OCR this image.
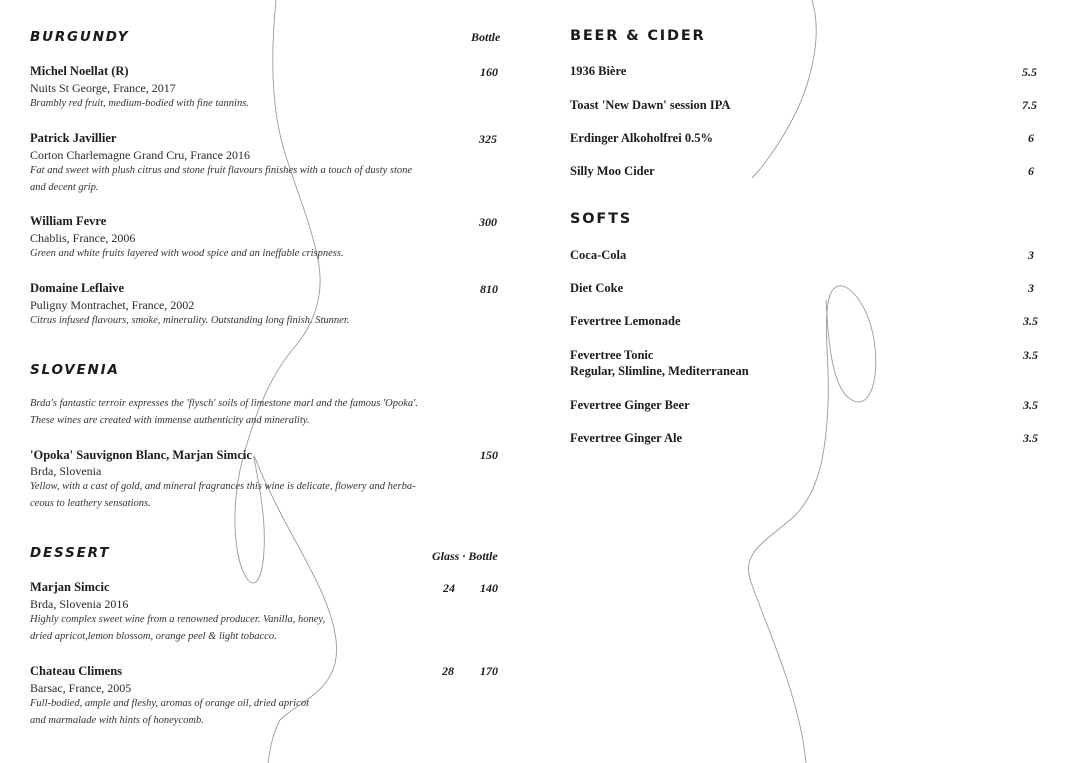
BURGUNDY	Bottle
Michel Noellat (R)
Nuits St George, France, 2017
Brambly red fruit, medium-bodied with fine tannins.
160
Patrick Javillier
Corton Charlemagne Grand Cru, France 2016
Fat and sweet with plush citrus and stone fruit flavours finishes with a touch of dusty stone
and decent grip.
325
William Fevre
Chablis, France, 2006
Green and white fruits layered with wood spice and an ineffable crispness.
300
Domaine Leflaive
Puligny Montrachet, France, 2002
Citrus infused flavours, smoke, minerality. Outstanding long finish. Stunner.
810
SLOVENIA
Brda's fantastic terroir expresses the 'flysch' soils of limestone marl and the famous 'Opoka'.
These wines are created with immense authenticity and minerality.
'Opoka' Sauvignon Blanc, Marjan Simcic
Brda, Slovenia
Yellow, with a cast of gold, and mineral fragrances this wine is delicate, flowery and herba-
ceous to leathery sensations.
150
DESSERT	Glass · Bottle
Marjan Simcic
Brda, Slovenia 2016
Highly complex sweet wine from a renowned producer. Vanilla, honey,
dried apricot,lemon blossom, orange peel & light tobacco.
24 140
Chateau Climens
Barsac, France, 2005
Full-bodied, ample and fleshy, aromas of orange oil, dried apricot
and marmalade with hints of honeycomb.
28 170
BEER & CIDER
1936 Bière	5.5
Toast 'New Dawn' session IPA	7.5
Erdinger Alkoholfrei 0.5%	6
Silly Moo Cider	6
SOFTS
Coca-Cola	3
Diet Coke	3
Fevertree Lemonade	3.5
Fevertree Tonic
Regular, Slimline, Mediterranean
3.5
Fevertree Ginger Beer	3.5
Fevertree Ginger Ale	3.5
